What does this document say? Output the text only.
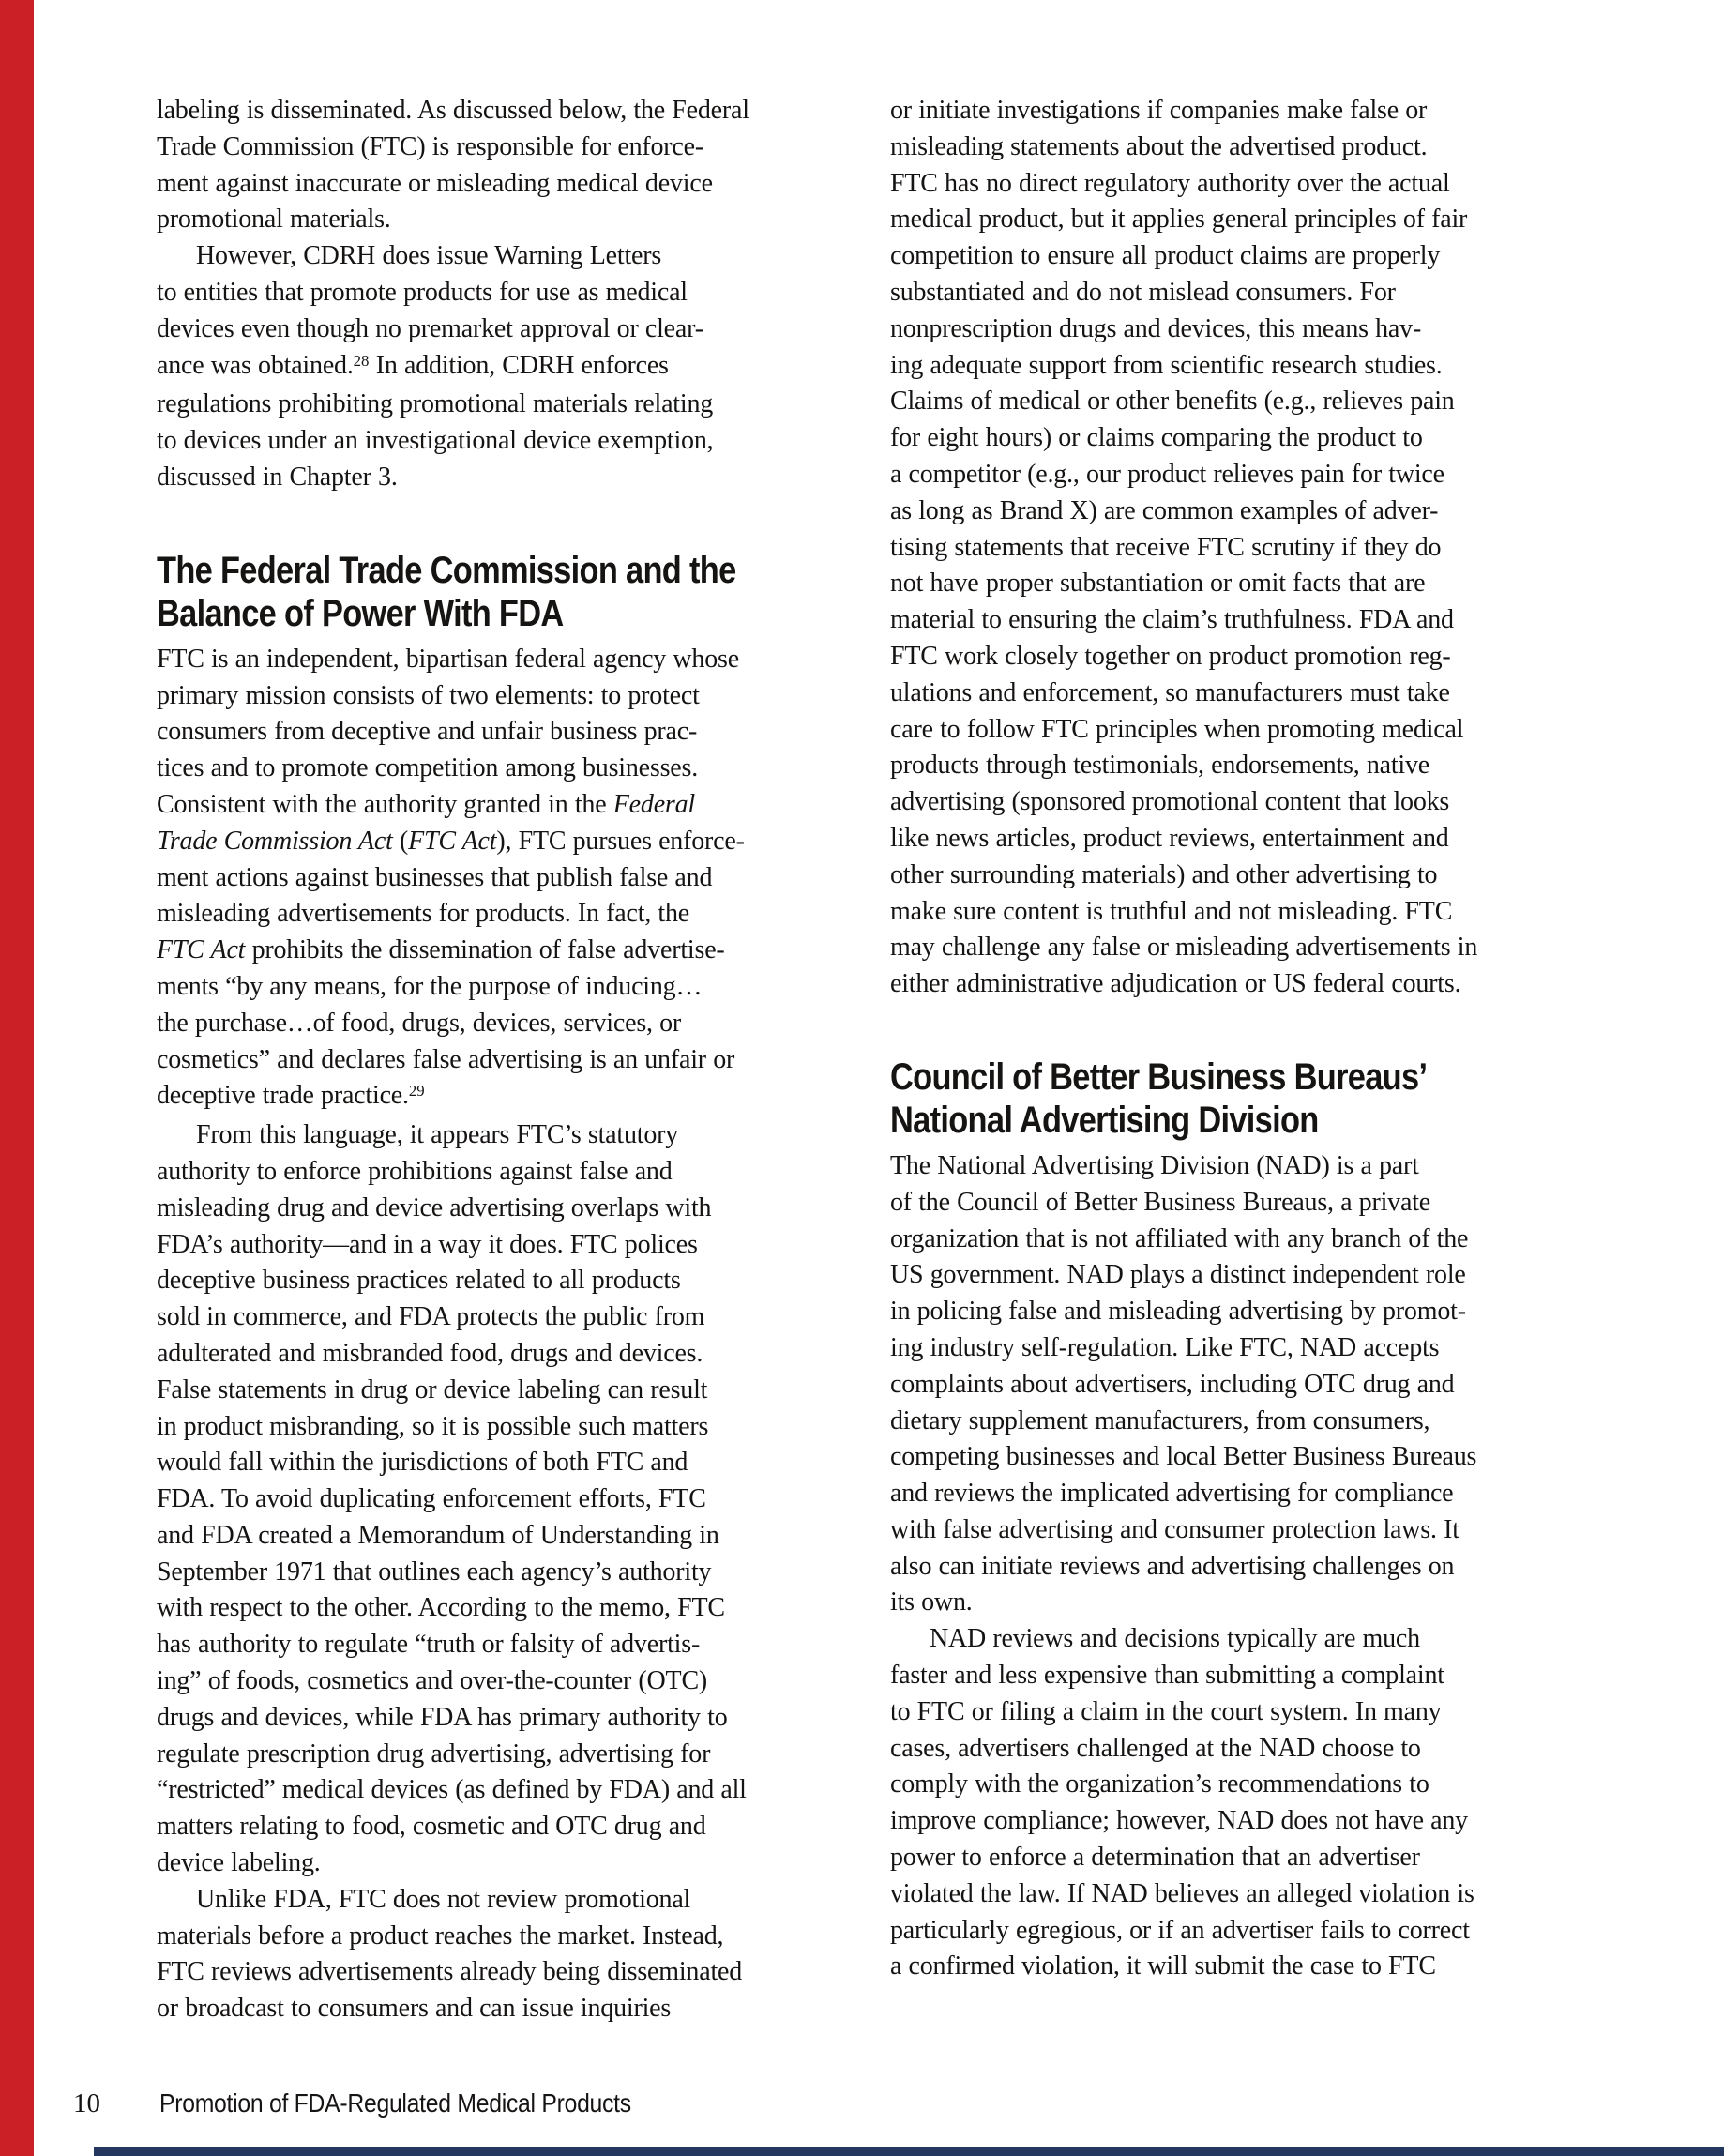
labeling is disseminated. As discussed below, the Federal
Trade Commission (FTC) is responsible for enforce-
ment against inaccurate or misleading medical device
promotional materials.

However, CDRH does issue Warning Letters
to entities that promote products for use as medical
devices even though no premarket approval or clear-
ance was obtained.$^{28}$ In addition, CDRH enforces
regulations prohibiting promotional materials relating
to devices under an investigational device exemption,
discussed in Chapter 3.

The Federal Trade Commission and the
Balance of Power With FDA

FTC is an independent, bipartisan federal agency whose
primary mission consists of two elements: to protect
consumers from deceptive and unfair business prac-
tices and to promote competition among businesses.
Consistent with the authority granted in the Federal
Trade Commission Act (FTC Act), FTC pursues enforce-
ment actions against businesses that publish false and
misleading advertisements for products. In fact, the
FTC Act prohibits the dissemination of false advertise-
ments “by any means, for the purpose of inducing…
the purchase…of food, drugs, devices, services, or
cosmetics” and declares false advertising is an unfair or
deceptive trade practice.$^{29}$

From this language, it appears FTC’s statutory
authority to enforce prohibitions against false and
misleading drug and device advertising overlaps with
FDA’s authority—and in a way it does. FTC polices
deceptive business practices related to all products
sold in commerce, and FDA protects the public from
adulterated and misbranded food, drugs and devices.
False statements in drug or device labeling can result
in product misbranding, so it is possible such matters
would fall within the jurisdictions of both FTC and
FDA. To avoid duplicating enforcement efforts, FTC
and FDA created a Memorandum of Understanding in
September 1971 that outlines each agency’s authority
with respect to the other. According to the memo, FTC
has authority to regulate “truth or falsity of advertis-
ing” of foods, cosmetics and over-the-counter (OTC)
drugs and devices, while FDA has primary authority to
regulate prescription drug advertising, advertising for
“restricted” medical devices (as defined by FDA) and all
matters relating to food, cosmetic and OTC drug and
device labeling.

Unlike FDA, FTC does not review promotional
materials before a product reaches the market. Instead,
FTC reviews advertisements already being disseminated
or broadcast to consumers and can issue inquiries

or initiate investigations if companies make false or
misleading statements about the advertised product.
FTC has no direct regulatory authority over the actual
medical product, but it applies general principles of fair
competition to ensure all product claims are properly
substantiated and do not mislead consumers. For
nonprescription drugs and devices, this means hav-
ing adequate support from scientific research studies.
Claims of medical or other benefits (e.g., relieves pain
for eight hours) or claims comparing the product to
a competitor (e.g., our product relieves pain for twice
as long as Brand X) are common examples of adver-
tising statements that receive FTC scrutiny if they do
not have proper substantiation or omit facts that are
material to ensuring the claim’s truthfulness. FDA and
FTC work closely together on product promotion reg-
ulations and enforcement, so manufacturers must take
care to follow FTC principles when promoting medical
products through testimonials, endorsements, native
advertising (sponsored promotional content that looks
like news articles, product reviews, entertainment and
other surrounding materials) and other advertising to
make sure content is truthful and not misleading. FTC
may challenge any false or misleading advertisements in
either administrative adjudication or US federal courts.

Council of Better Business Bureaus’
National Advertising Division

The National Advertising Division (NAD) is a part
of the Council of Better Business Bureaus, a private
organization that is not affiliated with any branch of the
US government. NAD plays a distinct independent role
in policing false and misleading advertising by promot-
ing industry self-regulation. Like FTC, NAD accepts
complaints about advertisers, including OTC drug and
dietary supplement manufacturers, from consumers,
competing businesses and local Better Business Bureaus
and reviews the implicated advertising for compliance
with false advertising and consumer protection laws. It
also can initiate reviews and advertising challenges on
its own.

NAD reviews and decisions typically are much
faster and less expensive than submitting a complaint
to FTC or filing a claim in the court system. In many
cases, advertisers challenged at the NAD choose to
comply with the organization’s recommendations to
improve compliance; however, NAD does not have any
power to enforce a determination that an advertiser
violated the law. If NAD believes an alleged violation is
particularly egregious, or if an advertiser fails to correct
a confirmed violation, it will submit the case to FTC

10 Promotion of FDA-Regulated Medical Products
